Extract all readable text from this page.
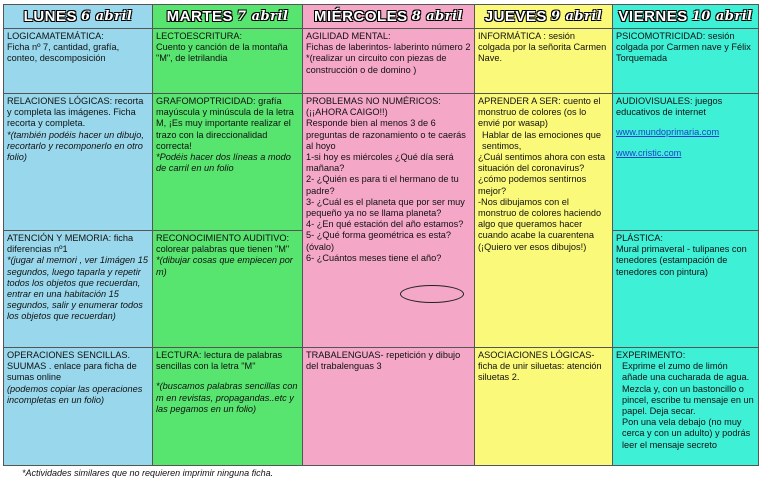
LUNES 6 abril MARTES 7 abril MIÉRCOLES 8 abril JUEVES 9 abril VIERNES 10 abril

LOGICAMATEMÁTICA:

Ficha nº 7, cantidad, grafía, conteo, descomposición

LECTOESCRITURA:

Cuento y canción de la montaña "M", de letrilandia

AGILIDAD MENTAL:

Fichas de laberintos- laberinto número 2

*(realizar un circuito con piezas de construcción o de domino )

INFORMÁTICA : sesión colgada por la señorita Carmen Nave.

PSICOMOTRICIDAD: sesión colgada por Carmen nave y Félix Torquemada

RELACIONES LÓGICAS: recorta y completa las imágenes. Ficha recorta y completa.

*(también podéis hacer un dibujo, recortarlo y recomponerlo en otro folio)

GRAFOMOPTRICIDAD: grafía mayúscula y minúscula de la letra M, ¡Es muy importante realizar el trazo con la direccionalidad correcta!

*Podéis hacer dos líneas a modo de carril en un folio

PROBLEMAS NO NUMÉRICOS:

(¡¡AHORA CAIGO!!)

Responde bien al menos 3 de 6 preguntas de razonamiento o te caerás al hoyo

1-si hoy es miércoles ¿Qué día será mañana?

2- ¿Quién es para ti el hermano de tu padre?

3- ¿Cuál es el planeta que por ser muy pequeño ya no se llama planeta?

4- ¿En qué estación del año estamos?

5- ¿Qué forma geométrica es esta?

(óvalo)

6- ¿Cuántos meses tiene el año?

APRENDER A SER: cuento el monstruo de colores (os lo envié por wasap)

Hablar de las emociones que sentimos,

¿Cuál sentimos ahora con esta situación del coronavirus?

¿cómo podemos sentirnos mejor?

-Nos dibujamos con el monstruo de colores haciendo algo que queramos hacer cuando acabe la cuarentena

(¡Quiero ver esos dibujos!)

AUDIOVISUALES: juegos educativos de internet

www.mundoprimaria.com

www.cristic.com

ATENCIÓN Y MEMORIA: ficha diferencias nº1

*(jugar al memori , ver 1imágen 15 segundos, luego taparla y repetir todos los objetos que recuerdan, entrar en una habitación 15 segundos, salir y enumerar todos los objetos que recuerdan)

RECONOCIMIENTO AUDITIVO: colorear palabras que tienen "M"

*(dibujar cosas que empiecen por m)

PLÁSTICA:

Mural primaveral - tulipanes con tenedores (estampación de tenedores con pintura)

OPERACIONES SENCILLAS. SUUMAS . enlace para ficha de sumas online

(podemos copiar las operaciones incompletas en un folio)

LECTURA: lectura de palabras sencillas con la letra "M"

*(buscamos palabras sencillas con m en revistas, propagandas..etc y las pegamos en un folio)

TRABALENGUAS- repetición y dibujo del trabalenguas 3

ASOCIACIONES LÓGICAS- ficha de unir siluetas: atención siluetas 2.

EXPERIMENTO:

Exprime el zumo de limón añade una cucharada de agua.

Mezcla y, con un bastoncillo o pincel, escribe tu mensaje en un papel. Deja secar.

Pon una vela debajo (no muy cerca y con un adulto) y podrás leer el mensaje secreto

*Actividades similares que no requieren imprimir ninguna ficha.
